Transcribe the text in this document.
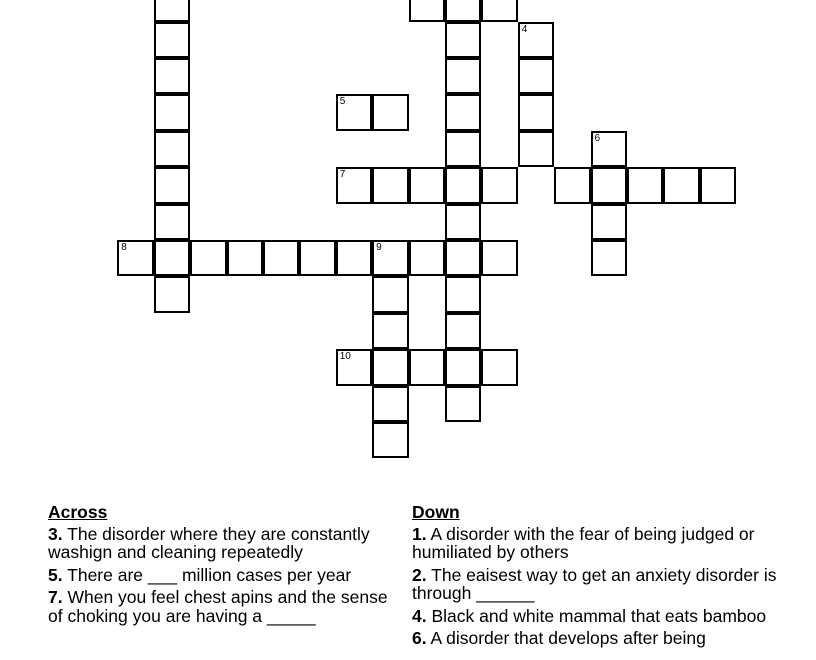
4
5
6
7
8	9
10
Across
3. The disorder where they are constantly washign and cleaning repeatedly
5. There are ___ million cases per year
7. When you feel chest apins and the sense of choking you are having a _____
Down
1. A disorder with the fear of being judged or humiliated by others
2. The eaisest way to get an anxiety disorder is through ______
4. Black and white mammal that eats bamboo
6. A disorder that develops after being
